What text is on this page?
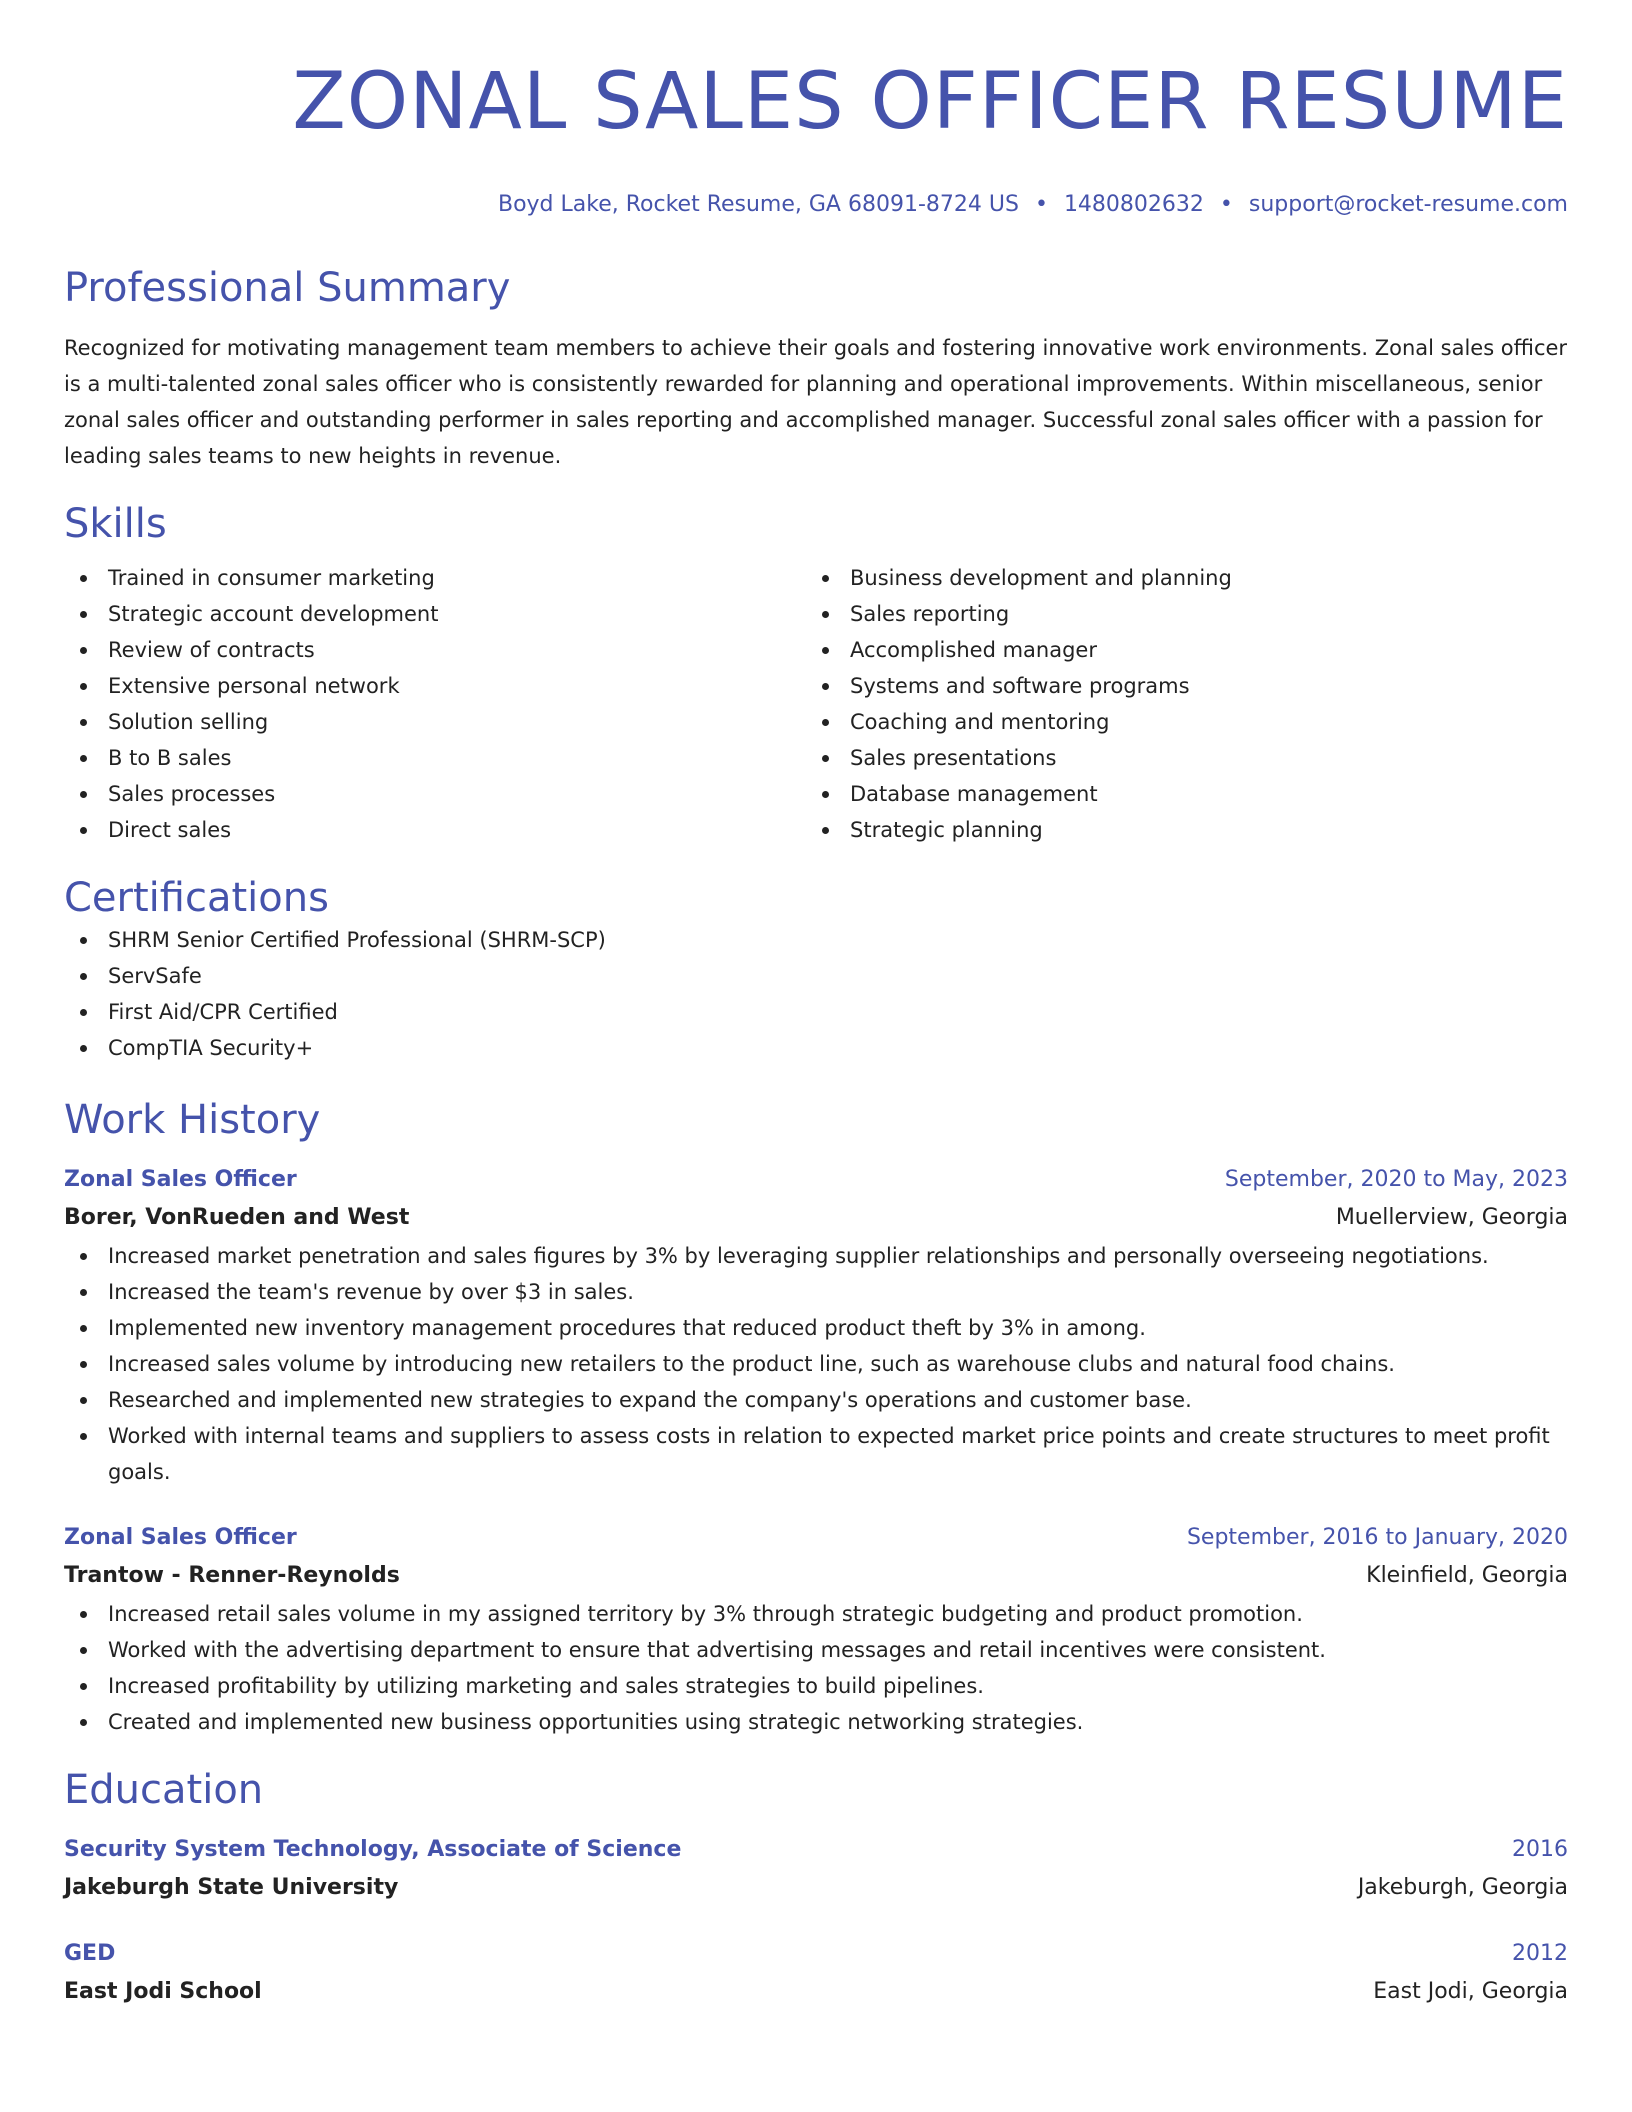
ZONAL SALES OFFICER RESUME
Boyd Lake, Rocket Resume, GA 68091-8724 US • 1480802632 • support@rocket-resume.com
Professional Summary

Recognized for motivating management team members to achieve their goals and fostering innovative work environments. Zonal sales officer is a multi-talented zonal sales officer who is consistently rewarded for planning and operational improvements. Within miscellaneous, senior zonal sales officer and outstanding performer in sales reporting and accomplished manager. Successful zonal sales officer with a passion for leading sales teams to new heights in revenue.

Skills
Trained in consumer marketing
Strategic account development
Review of contracts
Extensive personal network
Solution selling
B to B sales
Sales processes
Direct sales
Business development and planning
Sales reporting
Accomplished manager
Systems and software programs
Coaching and mentoring
Sales presentations
Database management
Strategic planning
Certifications
SHRM Senior Certified Professional (SHRM-SCP)
ServSafe
First Aid/CPR Certified
CompTIA Security+
Work History
Zonal Sales Officer	September, 2020 to May, 2023
Borer, VonRueden and West	Muellerview, Georgia
Increased market penetration and sales figures by 3% by leveraging supplier relationships and personally overseeing negotiations.
Increased the team's revenue by over $3 in sales.
Implemented new inventory management procedures that reduced product theft by 3% in among.
Increased sales volume by introducing new retailers to the product line, such as warehouse clubs and natural food chains.
Researched and implemented new strategies to expand the company's operations and customer base.
Worked with internal teams and suppliers to assess costs in relation to expected market price points and create structures to meet profit goals.
Zonal Sales Officer	September, 2016 to January, 2020
Trantow - Renner-Reynolds	Kleinfield, Georgia
Increased retail sales volume in my assigned territory by 3% through strategic budgeting and product promotion.
Worked with the advertising department to ensure that advertising messages and retail incentives were consistent.
Increased profitability by utilizing marketing and sales strategies to build pipelines.
Created and implemented new business opportunities using strategic networking strategies.
Education
Security System Technology, Associate of Science	2016
Jakeburgh State University	Jakeburgh, Georgia
GED	2012
East Jodi School	East Jodi, Georgia
